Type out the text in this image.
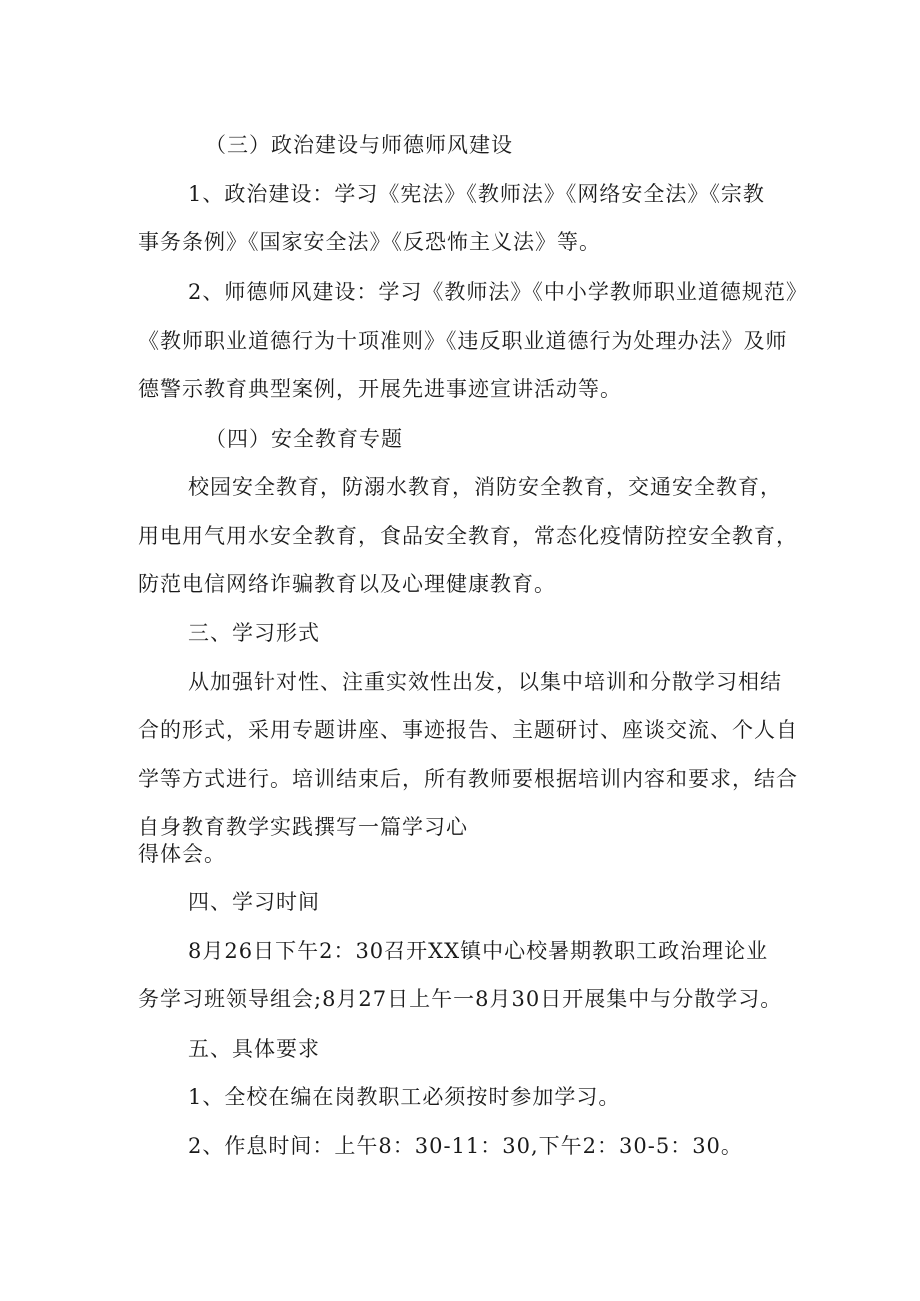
（三）政治建设与师德师风建设
1、政治建设：学习《宪法》《教师法》《网络安全法》《宗教
事务条例》《国家安全法》《反恐怖主义法》等。
2、师德师风建设：学习《教师法》《中小学教师职业道德规范》
《教师职业道德行为十项准则》《违反职业道德行为处理办法》及师
德警示教育典型案例，开展先进事迹宣讲活动等。
（四）安全教育专题
校园安全教育，防溺水教育，消防安全教育，交通安全教育，
用电用气用水安全教育，食品安全教育，常态化疫情防控安全教育，
防范电信网络诈骗教育以及心理健康教育。
三、学习形式
从加强针对性、注重实效性出发，以集中培训和分散学习相结
合的形式，采用专题讲座、事迹报告、主题研讨、座谈交流、个人自
学等方式进行。培训结束后，所有教师要根据培训内容和要求，结合
自身教育教学实践撰写一篇学习心
得体会。
四、学习时间
8月26日下午2：30召开XX镇中心校暑期教职工政治理论业
务学习班领导组会;8月27日上午一8月30日开展集中与分散学习。
五、具体要求
1、全校在编在岗教职工必须按时参加学习。
2、作息时间：上午8：30-11：30,下午2：30-5：30。
